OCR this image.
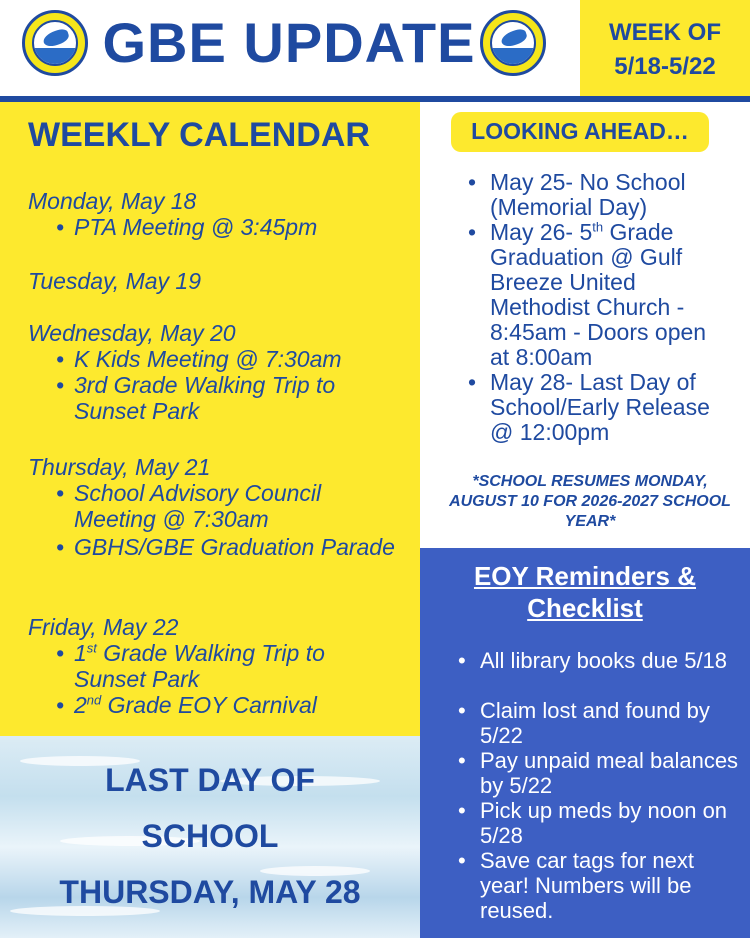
GBE UPDATE	WEEK OF
5/18-5/22
WEEKLY CALENDAR
Monday, May 18
• PTA Meeting @ 3:45pm
Tuesday, May 19
Wednesday, May 20
• K Kids Meeting @ 7:30am
• 3rd Grade Walking Trip to Sunset Park
Thursday, May 21
• School Advisory Council Meeting @ 7:30am
• GBHS/GBE Graduation Parade
Friday, May 22
• 1st Grade Walking Trip to Sunset Park
• 2nd Grade EOY Carnival
LAST DAY OF
SCHOOL
THURSDAY, MAY 28
LOOKING AHEAD…
• May 25- No School (Memorial Day)
• May 26- 5th Grade Graduation @ Gulf Breeze United Methodist Church - 8:45am - Doors open at 8:00am
• May 28- Last Day of School/Early Release @ 12:00pm
*SCHOOL RESUMES MONDAY, AUGUST 10 FOR 2026-2027 SCHOOL YEAR*
EOY Reminders &
Checklist
• All library books due 5/18
• Claim lost and found by 5/22
• Pay unpaid meal balances by 5/22
• Pick up meds by noon on 5/28
• Save car tags for next year! Numbers will be reused.
